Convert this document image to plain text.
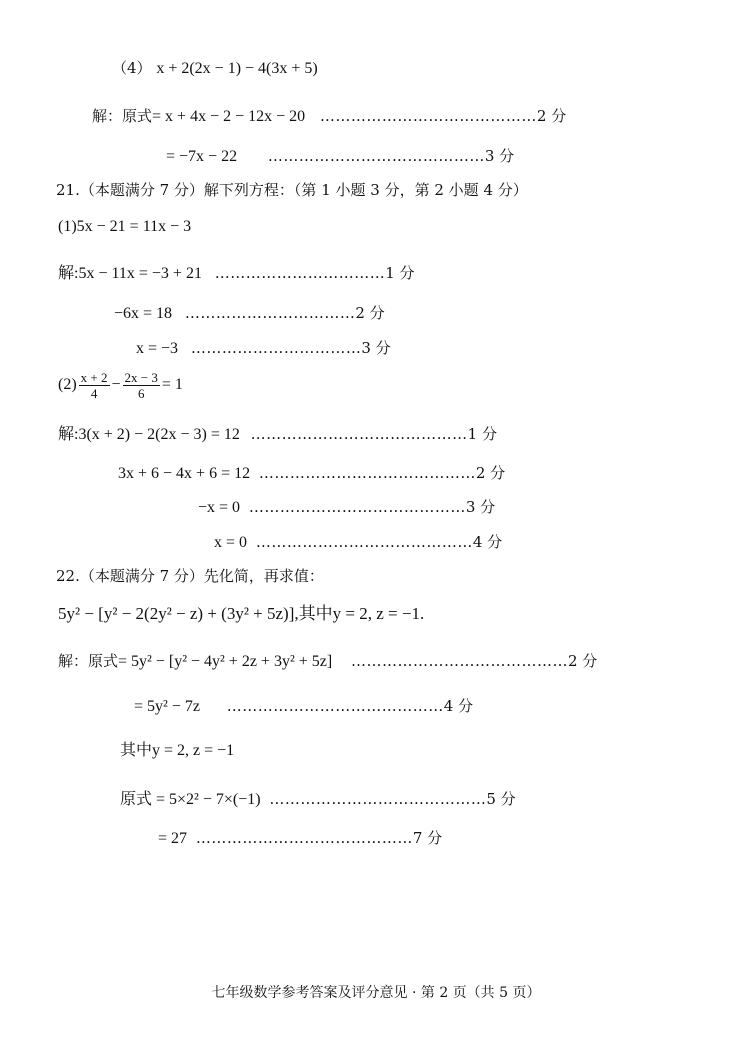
（4） x + 2(2x − 1) − 4(3x + 5)
解：原式= x + 4x − 2 − 12x − 20 ……………………………………2 分
= −7x − 22 ……………………………………3 分
21.（本题满分 7 分）解下列方程：（第 1 小题 3 分，第 2 小题 4 分）
(1)5x − 21 = 11x − 3
解:5x − 11x = −3 + 21 ……………………………1 分
−6x = 18 ……………………………2 分
x = −3 ……………………………3 分
$(2) \frac{x + 2}{4} - \frac{2x - 3}{6} = 1$
解:3(x + 2) − 2(2x − 3) = 12 ……………………………………1 分
3x + 6 − 4x + 6 = 12 ……………………………………2 分
−x = 0 ……………………………………3 分
x = 0 ……………………………………4 分
22.（本题满分 7 分）先化简，再求值：
5y² − [y² − 2(2y² − z) + (3y² + 5z)],其中y = 2, z = −1.
解：原式= 5y² − [y² − 4y² + 2z + 3y² + 5z] ……………………………………2 分
= 5y² − 7z ……………………………………4 分
其中y = 2, z = −1
原式 = 5×2² − 7×(−1) ……………………………………5 分
= 27 ……………………………………7 分
七年级数学参考答案及评分意见 · 第 2 页（共 5 页）
